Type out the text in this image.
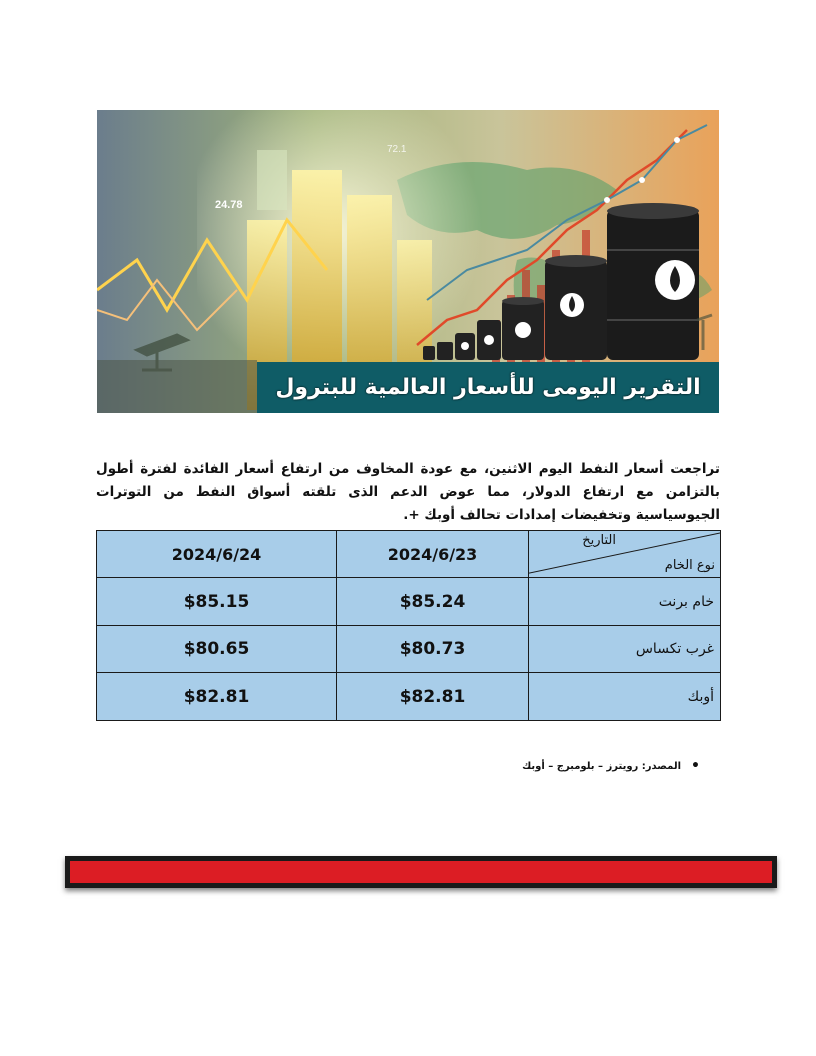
24.78
72.1
التقرير اليومى للأسعار العالمية للبترول

تراجعت أسعار النفط اليوم الاثنين، مع عودة المخاوف من ارتفاع أسعار الفائدة لفترة أطول بالتزامن مع ارتفاع الدولار، مما عوض الدعم الذى تلقته أسواق النفط من التوترات الجيوسياسية وتخفيضات إمدادات تحالف أوبك +.

التاريخ
نوع الخام	2024/6/23	2024/6/24
خام برنت	$85.24	$85.15
غرب تكساس	$80.73	$80.65
أوبك	$82.81	$82.81
•
المصدر: رويترز – بلومبرج – أوبك
